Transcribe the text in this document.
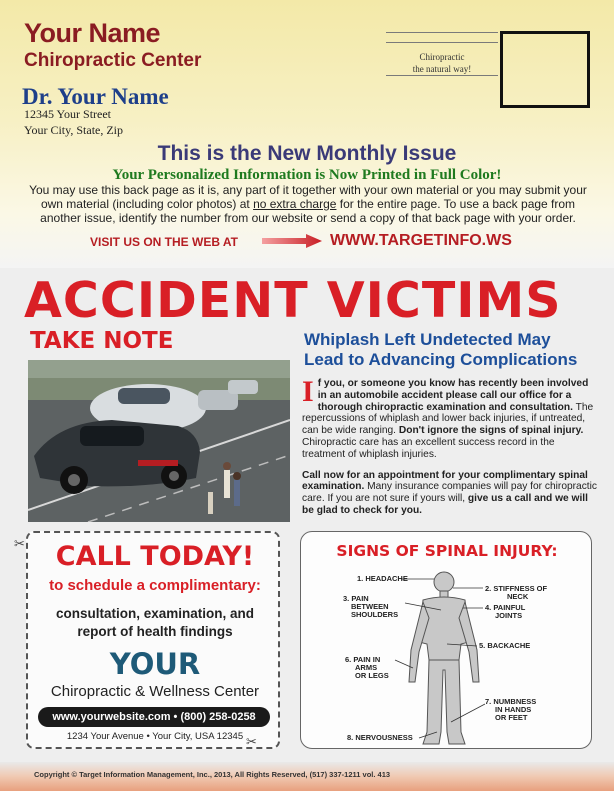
Your Name
Chiropractic Center
Dr. Your Name
12345 Your Street
Your City, State, Zip
Chiropractic
the natural way!
This is the New Monthly Issue
Your Personalized Information is Now Printed in Full Color!
You may use this back page as it is, any part of it together with your own material or you may submit your own material (including color photos) at no extra charge for the entire page. To use a back page from another issue, identify the number from our website or send a copy of that back page with your order.
VISIT US ON THE WEB AT	WWW.TARGETINFO.WS
ACCIDENT VICTIMS
TAKE NOTE	Whiplash Left Undetected May
Lead to Advancing Complications

If you, or someone you know has recently been involved in an automobile accident please call our office for a thorough chiropractic examination and consultation. The repercussions of whiplash and lower back injuries, if untreated, can be wide ranging. Don't ignore the signs of spinal injury. Chiropractic care has an excellent success record in the treatment of whiplash injuries.

Call now for an appointment for your complimentary spinal examination. Many insurance companies will pay for chiropractic care. If you are not sure if yours will, give us a call and we will be glad to check for you.

CALL TODAY!
to schedule a complimentary:
consultation, examination, and
report of health findings
YOUR
Chiropractic & Wellness Center
www.yourwebsite.com • (800) 258-0258
1234 Your Avenue • Your City, USA 12345
✂
✂
SIGNS OF SPINAL INJURY:
1. HEADACHE
2. STIFFNESS OF
NECK
3. PAIN
BETWEEN
SHOULDERS
4. PAINFUL
JOINTS
5. BACKACHE
6. PAIN IN
ARMS
OR LEGS
7. NUMBNESS
IN HANDS
OR FEET
8. NERVOUSNESS
Copyright © Target Information Management, Inc., 2013, All Rights Reserved, (517) 337-1211 vol. 413
